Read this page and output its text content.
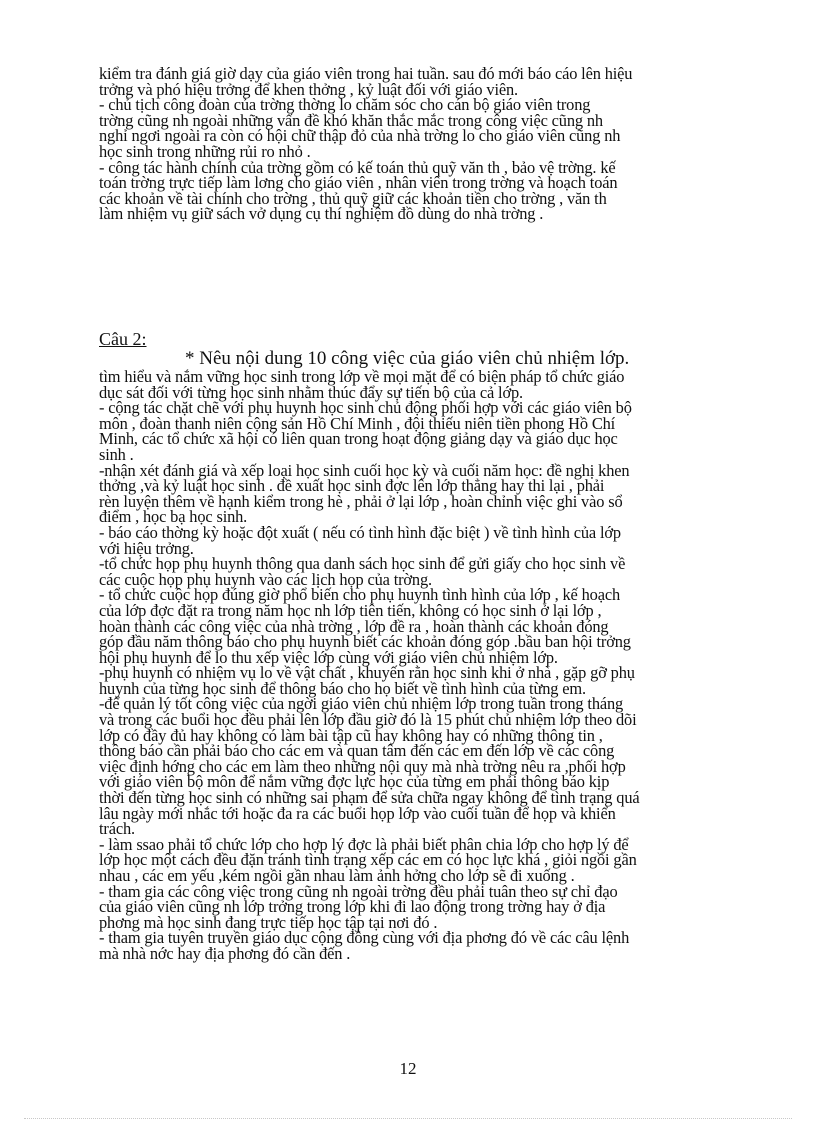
kiểm tra đánh giá giờ dạy của giáo viên trong hai tuần. sau đó mới báo cáo lên hiệu
trởng và phó hiệu trởng để khen thởng , kỷ luật đối với giáo viên.
- chủ tịch công đoàn của trờng thờng lo chăm sóc cho cán bộ giáo viên trong
trờng cũng nh ngoài những vấn đề khó khăn thắc mắc trong công việc cũng nh
nghỉ ngơi ngoài ra còn có hội chữ thập đỏ của nhà trờng lo cho giáo viên cũng nh
học sinh trong những rủi ro nhỏ .
- công tác hành chính của trờng gồm có kế toán thủ quỹ văn th , bảo vệ trờng. kế
toán trờng trực tiếp làm lơng cho giáo viên , nhân viên trong trờng và hoạch toán
các khoản về tài chính cho trờng , thủ quỹ giữ các khoản tiền cho trờng , văn th
làm nhiệm vụ giữ sách vở dụng cụ thí nghiệm đồ dùng do nhà trờng .
Câu 2:
* Nêu nội dung 10 công việc của giáo viên chủ nhiệm lớp.
tìm hiểu và nắm vững học sinh trong lớp về mọi mặt để có biện pháp tổ chức giáo
dục sát đối với từng học sinh nhằm thúc đẩy sự tiến bộ của cả lớp.
- cộng tác chặt chẽ với phụ huynh học sinh chủ động phối hợp với các giáo viên bộ
môn , đoàn thanh niên cộng sản Hồ Chí Minh , đội thiếu niên tiền phong Hồ Chí
Minh, các tổ chức xã hội có liên quan trong hoạt động giảng dạy và giáo dục học
sinh .
-nhận xét đánh giá và xếp loại học sinh cuối học kỳ và cuối năm học: đề nghị khen
thởng ,và kỷ luật học sinh . đề xuất học sinh đợc lên lớp thẳng hay thi lại , phải
rèn luyện thêm về hạnh kiểm trong hè , phải ở lại lớp , hoàn chỉnh việc ghi vào sổ
điểm , học bạ học sinh.
- báo cáo thờng kỳ hoặc đột xuất ( nếu có tình hình đặc biệt ) về tình hình của lớp
với hiệu trởng.
-tổ chức họp phụ huynh thông qua danh sách học sinh để gửi giấy cho học sinh về
các cuộc họp phụ huynh vào các lịch họp của trờng.
- tổ chức cuộc họp đúng giờ phổ biến cho phụ huynh tình hình của lớp , kế hoạch
của lớp đợc đặt ra trong năm học nh lớp tiên tiến, không có học sinh ở lại lớp ,
hoàn thành các công việc của nhà trờng , lớp đề ra , hoàn thành các khoản đóng
góp đầu năm thông báo cho phụ huynh biết các khoản đóng góp .bầu ban hội trởng
hội phụ huynh để lo thu xếp việc lớp cùng với giáo viên chủ nhiệm lớp.
-phụ huynh có nhiệm vụ lo về vật chất , khuyến rằn học sinh khi ở nhà , gặp gỡ phụ
huynh của từng học sinh để thông báo cho họ biết về tình hình của từng em.
-để quản lý tốt công việc của ngời giáo viên chủ nhiệm lớp trong tuần trong tháng
và trong các buổi học đều phải lên lớp đầu giờ đó là 15 phút chủ nhiệm lớp theo dõi
lớp có đầy đủ hay không có làm bài tập cũ hay không hay có những thông tin ,
thông báo cần phải báo cho các em và quan tâm đến các em đến lớp về các công
việc định hớng cho các em làm theo những nội quy mà nhà trờng nêu ra ,phối hợp
với giáo viên bộ môn để nắm vững đợc lực học của từng em phải thông báo kịp
thời đến từng học sinh có những sai phạm để sửa chữa ngay không để tình trạng quá
lâu ngày mới nhắc tới hoặc đa ra các buổi họp lớp vào cuối tuần để họp và khiển
trách.
- làm ssao phải tổ chức lớp cho hợp lý đợc là phải biết phân chia lớp cho hợp lý để
lớp học một cách đều đặn tránh tình trạng xếp các em có học lực khá , giỏi ngồi gần
nhau , các em yếu ,kém ngồi gần nhau làm ảnh hởng cho lớp sẽ đi xuống .
- tham gia các công việc trong cũng nh ngoài trờng đều phải tuân theo sự chỉ đạo
của giáo viên cũng nh lớp trởng trong lớp khi đi lao động trong trờng hay ở địa
phơng mà học sinh đang trực tiếp học tập tại nơi đó .
- tham gia tuyên truyền giáo dục cộng đồng cùng với địa phơng đó về các câu lệnh
mà nhà nớc hay địa phơng đó cần đến .
12
